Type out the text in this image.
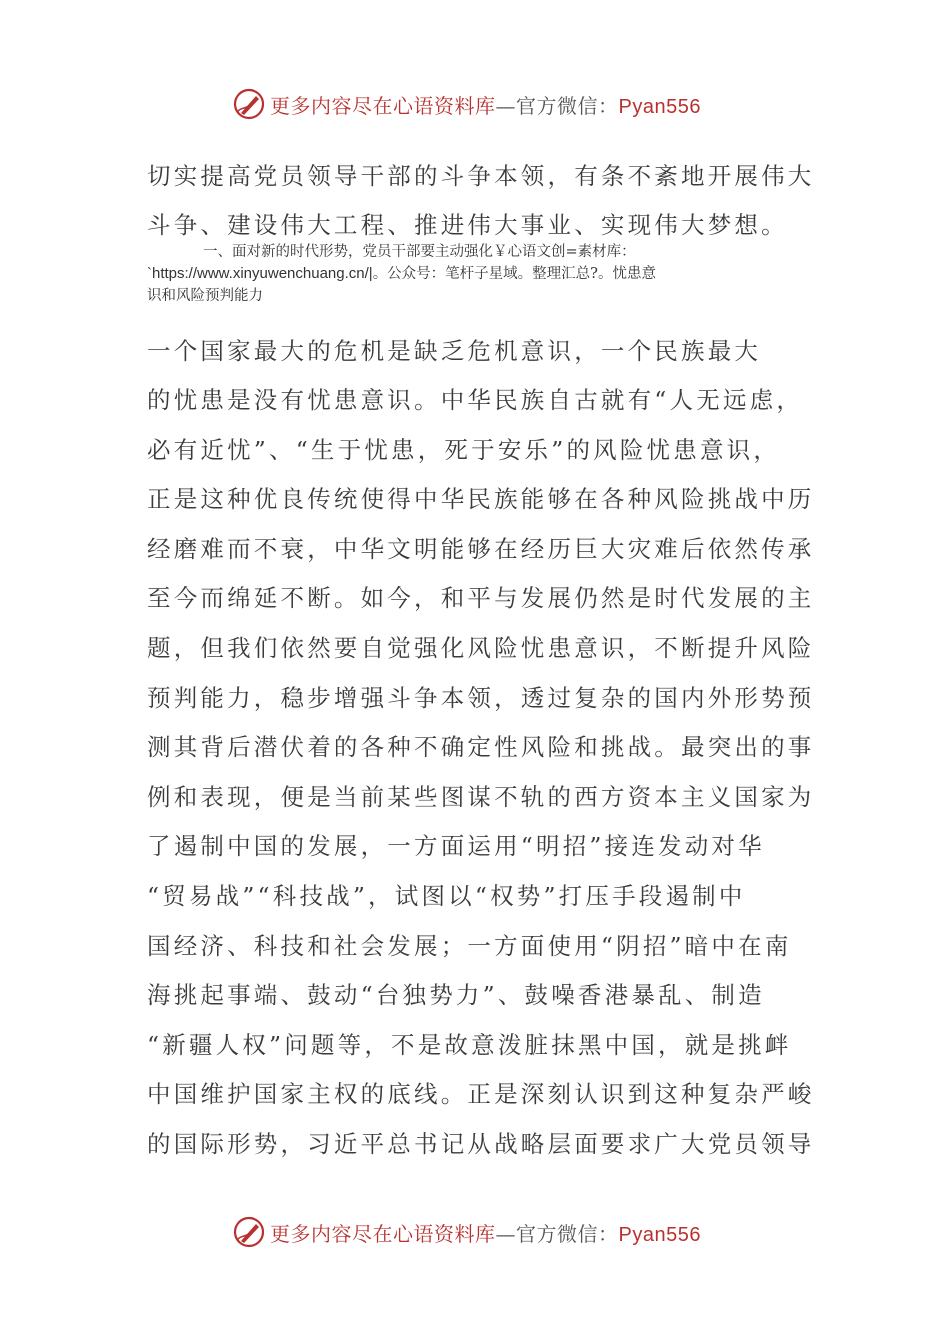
更多内容尽在心语资料库—官方微信：Pyan556
切实提高党员领导干部的斗争本领，有条不紊地开展伟大
斗争、建设伟大工程、推进伟大事业、实现伟大梦想。
一、面对新的时代形势，党员干部要主动强化￥心语文创=素材库：
`https://www.xinyuwenchuang.cn/|。公众号：笔杆子星域。整理汇总?。忧患意
识和风险预判能力
一个国家最大的危机是缺乏危机意识，一个民族最大
的忧患是没有忧患意识。中华民族自古就有“人无远虑，
必有近忧”、“生于忧患，死于安乐”的风险忧患意识，
正是这种优良传统使得中华民族能够在各种风险挑战中历
经磨难而不衰，中华文明能够在经历巨大灾难后依然传承
至今而绵延不断。如今，和平与发展仍然是时代发展的主
题，但我们依然要自觉强化风险忧患意识，不断提升风险
预判能力，稳步增强斗争本领，透过复杂的国内外形势预
测其背后潜伏着的各种不确定性风险和挑战。最突出的事
例和表现，便是当前某些图谋不轨的西方资本主义国家为
了遏制中国的发展，一方面运用“明招”接连发动对华
“贸易战”“科技战”，试图以“权势”打压手段遏制中
国经济、科技和社会发展；一方面使用“阴招”暗中在南
海挑起事端、鼓动“台独势力”、鼓噪香港暴乱、制造
“新疆人权”问题等，不是故意泼脏抹黑中国，就是挑衅
中国维护国家主权的底线。正是深刻认识到这种复杂严峻
的国际形势，习近平总书记从战略层面要求广大党员领导
更多内容尽在心语资料库—官方微信：Pyan556
